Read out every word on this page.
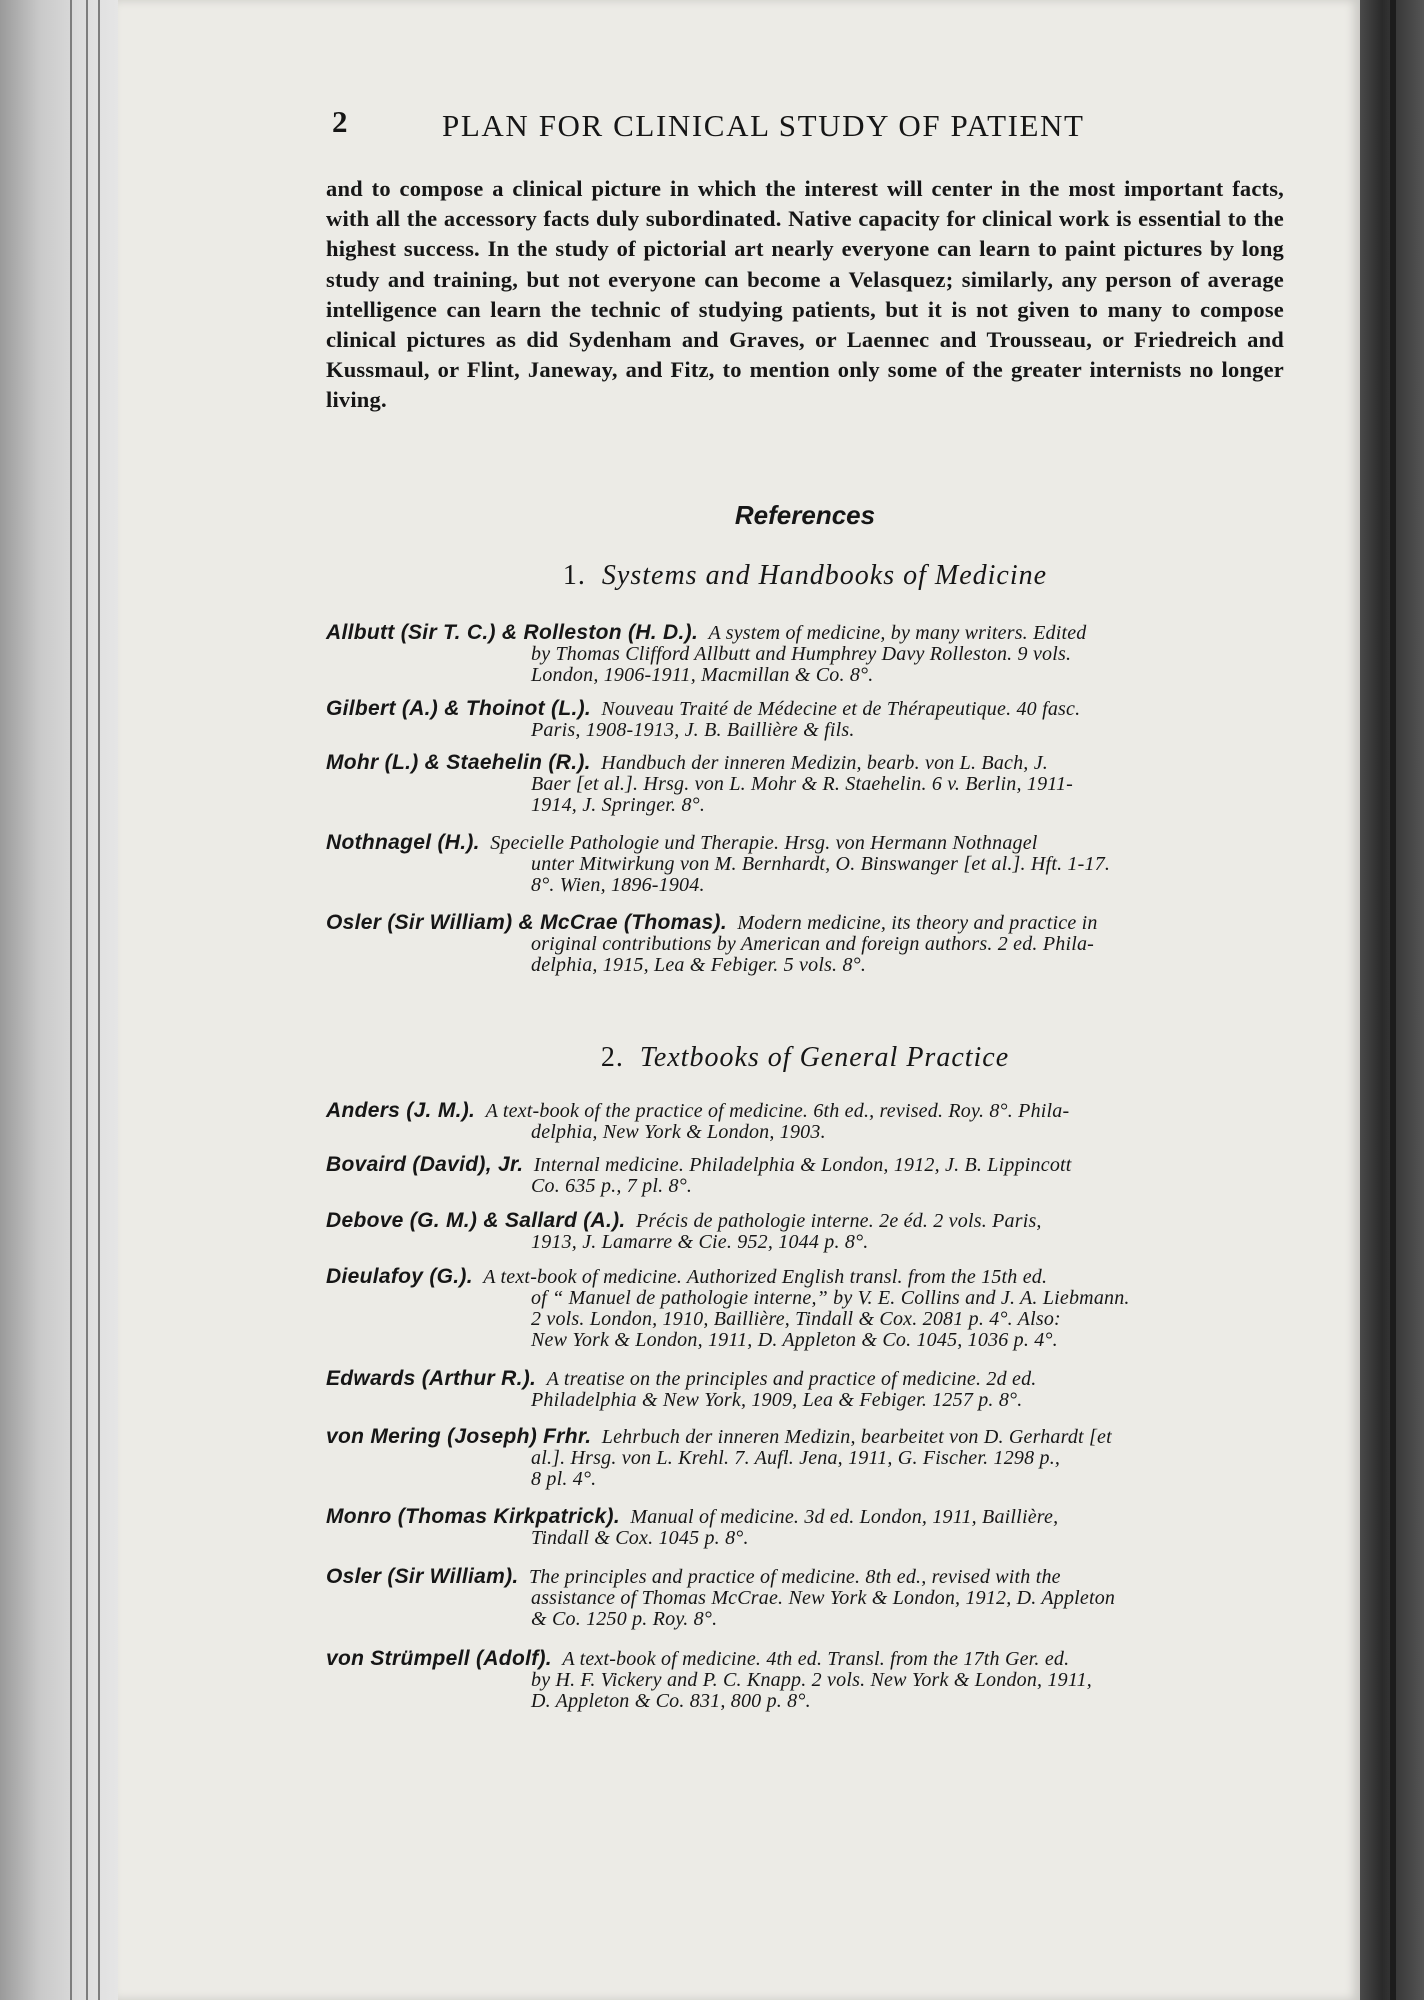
2	PLAN FOR CLINICAL STUDY OF PATIENT

and to compose a clinical picture in which the interest will center in the most important facts, with all the accessory facts duly subordinated. Native capacity for clinical work is essential to the highest success. In the study of pictorial art nearly everyone can learn to paint pictures by long study and training, but not everyone can become a Velasquez; similarly, any person of average intelligence can learn the technic of studying patients, but it is not given to many to compose clinical pictures as did Sydenham and Graves, or Laennec and Trousseau, or Friedreich and Kussmaul, or Flint, Janeway, and Fitz, to mention only some of the greater internists no longer living.

References
1. Systems and Handbooks of Medicine
Allbutt (Sir T. C.) & Rolleston (H. D.). A system of medicine, by many writers. Edited
by Thomas Clifford Allbutt and Humphrey Davy Rolleston. 9 vols.
London, 1906-1911, Macmillan & Co. 8°.
Gilbert (A.) & Thoinot (L.). Nouveau Traité de Médecine et de Thérapeutique. 40 fasc.
Paris, 1908-1913, J. B. Baillière & fils.
Mohr (L.) & Staehelin (R.). Handbuch der inneren Medizin, bearb. von L. Bach, J.
Baer [et al.]. Hrsg. von L. Mohr & R. Staehelin. 6 v. Berlin, 1911-
1914, J. Springer. 8°.
Nothnagel (H.). Specielle Pathologie und Therapie. Hrsg. von Hermann Nothnagel
unter Mitwirkung von M. Bernhardt, O. Binswanger [et al.]. Hft. 1-17.
8°. Wien, 1896-1904.
Osler (Sir William) & McCrae (Thomas). Modern medicine, its theory and practice in
original contributions by American and foreign authors. 2 ed. Phila-
delphia, 1915, Lea & Febiger. 5 vols. 8°.
2. Textbooks of General Practice
Anders (J. M.). A text-book of the practice of medicine. 6th ed., revised. Roy. 8°. Phila-
delphia, New York & London, 1903.
Bovaird (David), Jr. Internal medicine. Philadelphia & London, 1912, J. B. Lippincott
Co. 635 p., 7 pl. 8°.
Debove (G. M.) & Sallard (A.). Précis de pathologie interne. 2e éd. 2 vols. Paris,
1913, J. Lamarre & Cie. 952, 1044 p. 8°.
Dieulafoy (G.). A text-book of medicine. Authorized English transl. from the 15th ed.
of “ Manuel de pathologie interne,” by V. E. Collins and J. A. Liebmann.
2 vols. London, 1910, Baillière, Tindall & Cox. 2081 p. 4°. Also:
New York & London, 1911, D. Appleton & Co. 1045, 1036 p. 4°.
Edwards (Arthur R.). A treatise on the principles and practice of medicine. 2d ed.
Philadelphia & New York, 1909, Lea & Febiger. 1257 p. 8°.
von Mering (Joseph) Frhr. Lehrbuch der inneren Medizin, bearbeitet von D. Gerhardt [et
al.]. Hrsg. von L. Krehl. 7. Aufl. Jena, 1911, G. Fischer. 1298 p.,
8 pl. 4°.
Monro (Thomas Kirkpatrick). Manual of medicine. 3d ed. London, 1911, Baillière,
Tindall & Cox. 1045 p. 8°.
Osler (Sir William). The principles and practice of medicine. 8th ed., revised with the
assistance of Thomas McCrae. New York & London, 1912, D. Appleton
& Co. 1250 p. Roy. 8°.
von Strümpell (Adolf). A text-book of medicine. 4th ed. Transl. from the 17th Ger. ed.
by H. F. Vickery and P. C. Knapp. 2 vols. New York & London, 1911,
D. Appleton & Co. 831, 800 p. 8°.
